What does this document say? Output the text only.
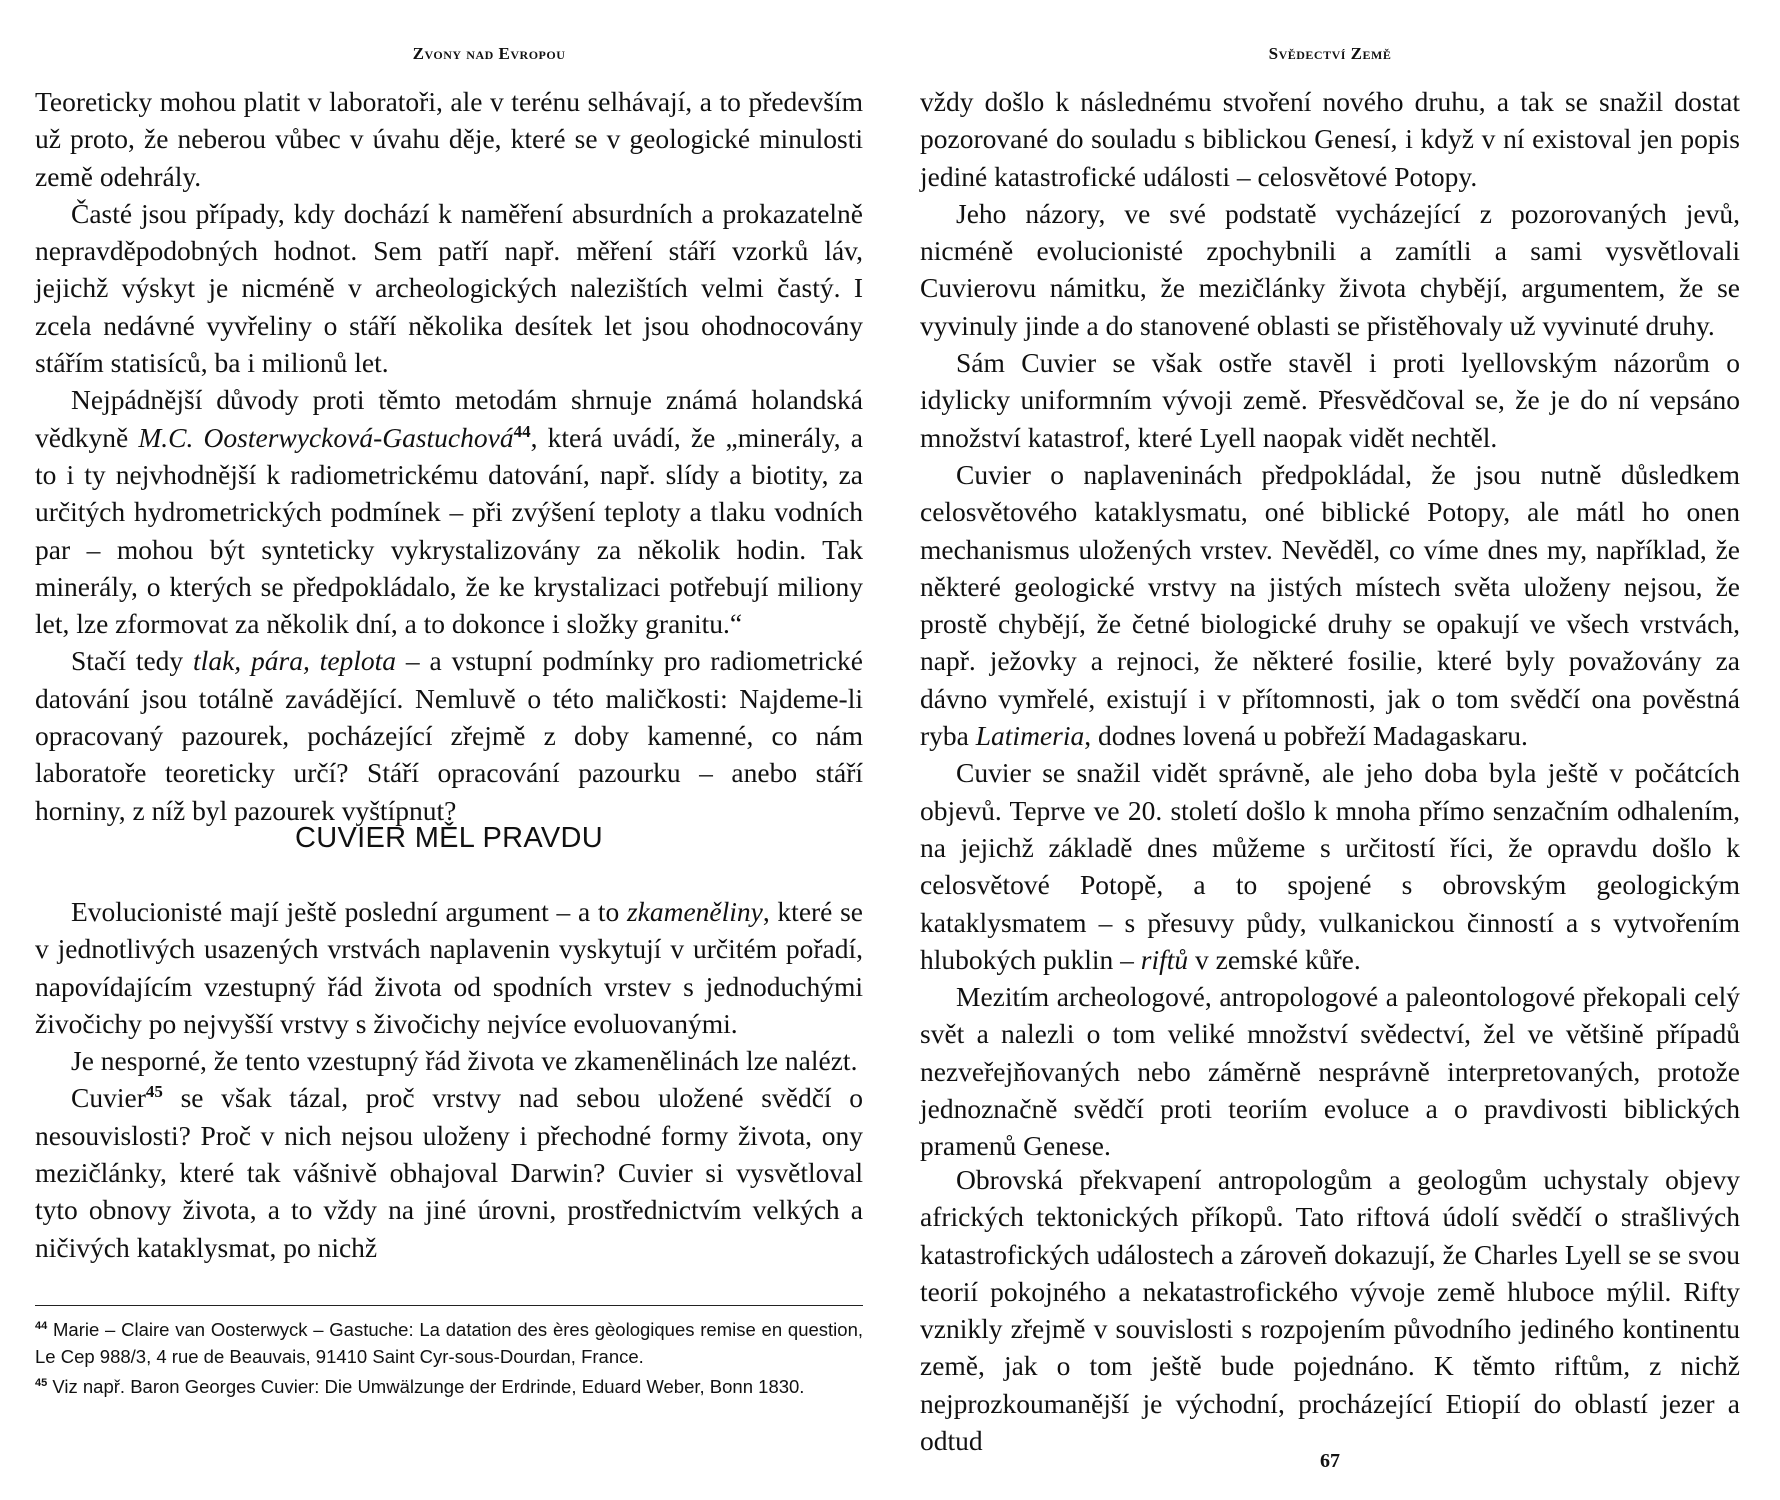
Zvony nad Evropou

Teoreticky mohou platit v laboratoři, ale v terénu selhávají, a to především už proto, že neberou vůbec v úvahu děje, které se v geologické minulosti země odehrály.

Časté jsou případy, kdy dochází k naměření absurdních a prokazatelně nepravděpodobných hodnot. Sem patří např. měření stáří vzorků láv, jejichž výskyt je nicméně v archeologických nalezištích velmi častý. I zcela nedávné vyvřeliny o stáří několika desítek let jsou ohodnocovány stářím statisíců, ba i milionů let.

Nejpádnější důvody proti těmto metodám shrnuje známá holandská vědkyně M.C. Oosterwycková-Gastuchová$^{44}$, která uvádí, že „minerály, a to i ty nejvhodnější k radiometrickému datování, např. slídy a biotity, za určitých hydrometrických podmínek – při zvýšení teploty a tlaku vodních par – mohou být synteticky vykrystalizovány za několik hodin. Tak minerály, o kterých se předpokládalo, že ke krystalizaci potřebují miliony let, lze zformovat za několik dní, a to dokonce i složky granitu.“

Stačí tedy tlak, pára, teplota – a vstupní podmínky pro radiometrické datování jsou totálně zavádějící. Nemluvě o této maličkosti: Najdeme-li opracovaný pazourek, pocházející zřejmě z doby kamenné, co nám laboratoře teoreticky určí? Stáří opracování pazourku – anebo stáří horniny, z níž byl pazourek vyštípnut?

CUVIER MĚL PRAVDU

Evolucionisté mají ještě poslední argument – a to zkameněliny, které se v jednotlivých usazených vrstvách naplavenin vyskytují v určitém pořadí, napovídajícím vzestupný řád života od spodních vrstev s jednoduchými živočichy po nejvyšší vrstvy s živočichy nejvíce evoluovanými.

Je nesporné, že tento vzestupný řád života ve zkamenělinách lze nalézt.

Cuvier$^{45}$ se však tázal, proč vrstvy nad sebou uložené svědčí o nesouvislosti? Proč v nich nejsou uloženy i přechodné formy života, ony mezičlánky, které tak vášnivě obhajoval Darwin? Cuvier si vysvětloval tyto obnovy života, a to vždy na jiné úrovni, prostřednictvím velkých a ničivých kataklysmat, po nichž

$^{44}$ Marie – Claire van Oosterwyck – Gastuche: La datation des ères gèologiques remise en question, Le Cep 988/3, 4 rue de Beauvais, 91410 Saint Cyr-sous-Dourdan, France.

$^{45}$ Viz např. Baron Georges Cuvier: Die Umwälzunge der Erdrinde, Eduard Weber, Bonn 1830.

Svědectví Země

vždy došlo k následnému stvoření nového druhu, a tak se snažil dostat pozorované do souladu s biblickou Genesí, i když v ní existoval jen popis jediné katastrofické události – celosvětové Potopy.

Jeho názory, ve své podstatě vycházející z pozorovaných jevů, nicméně evolucionisté zpochybnili a zamítli a sami vysvětlovali Cuvierovu námitku, že mezičlánky života chybějí, argumentem, že se vyvinuly jinde a do stanovené oblasti se přistěhovaly už vyvinuté druhy.

Sám Cuvier se však ostře stavěl i proti lyellovským názorům o idylicky uniformním vývoji země. Přesvědčoval se, že je do ní vepsáno množství katastrof, které Lyell naopak vidět nechtěl.

Cuvier o naplaveninách předpokládal, že jsou nutně důsledkem celosvětového kataklysmatu, oné biblické Potopy, ale mátl ho onen mechanismus uložených vrstev. Nevěděl, co víme dnes my, například, že některé geologické vrstvy na jistých místech světa uloženy nejsou, že prostě chybějí, že četné biologické druhy se opakují ve všech vrstvách, např. ježovky a rejnoci, že některé fosilie, které byly považovány za dávno vymřelé, existují i v přítomnosti, jak o tom svědčí ona pověstná ryba Latimeria, dodnes lovená u pobřeží Madagaskaru.

Cuvier se snažil vidět správně, ale jeho doba byla ještě v počátcích objevů. Teprve ve 20. století došlo k mnoha přímo senzačním odhalením, na jejichž základě dnes můžeme s určitostí říci, že opravdu došlo k celosvětové Potopě, a to spojené s obrovským geologickým kataklysmatem – s přesuvy půdy, vulkanickou činností a s vytvořením hlubokých puklin – riftů v zemské kůře.

Mezitím archeologové, antropologové a paleontologové překopali celý svět a nalezli o tom veliké množství svědectví, žel ve většině případů nezveřejňovaných nebo záměrně nesprávně interpretovaných, protože jednoznačně svědčí proti teoriím evoluce a o pravdivosti biblických pramenů Genese.

Obrovská překvapení antropologům a geologům uchystaly objevy afrických tektonických příkopů. Tato riftová údolí svědčí o strašlivých katastrofických událostech a zároveň dokazují, že Charles Lyell se se svou teorií pokojného a nekatastrofického vývoje země hluboce mýlil. Rifty vznikly zřejmě v souvislosti s rozpojením původního jediného kontinentu země, jak o tom ještě bude pojednáno. K těmto riftům, z nichž nejprozkoumanější je východní, procházející Etiopií do oblastí jezer a odtud

67
